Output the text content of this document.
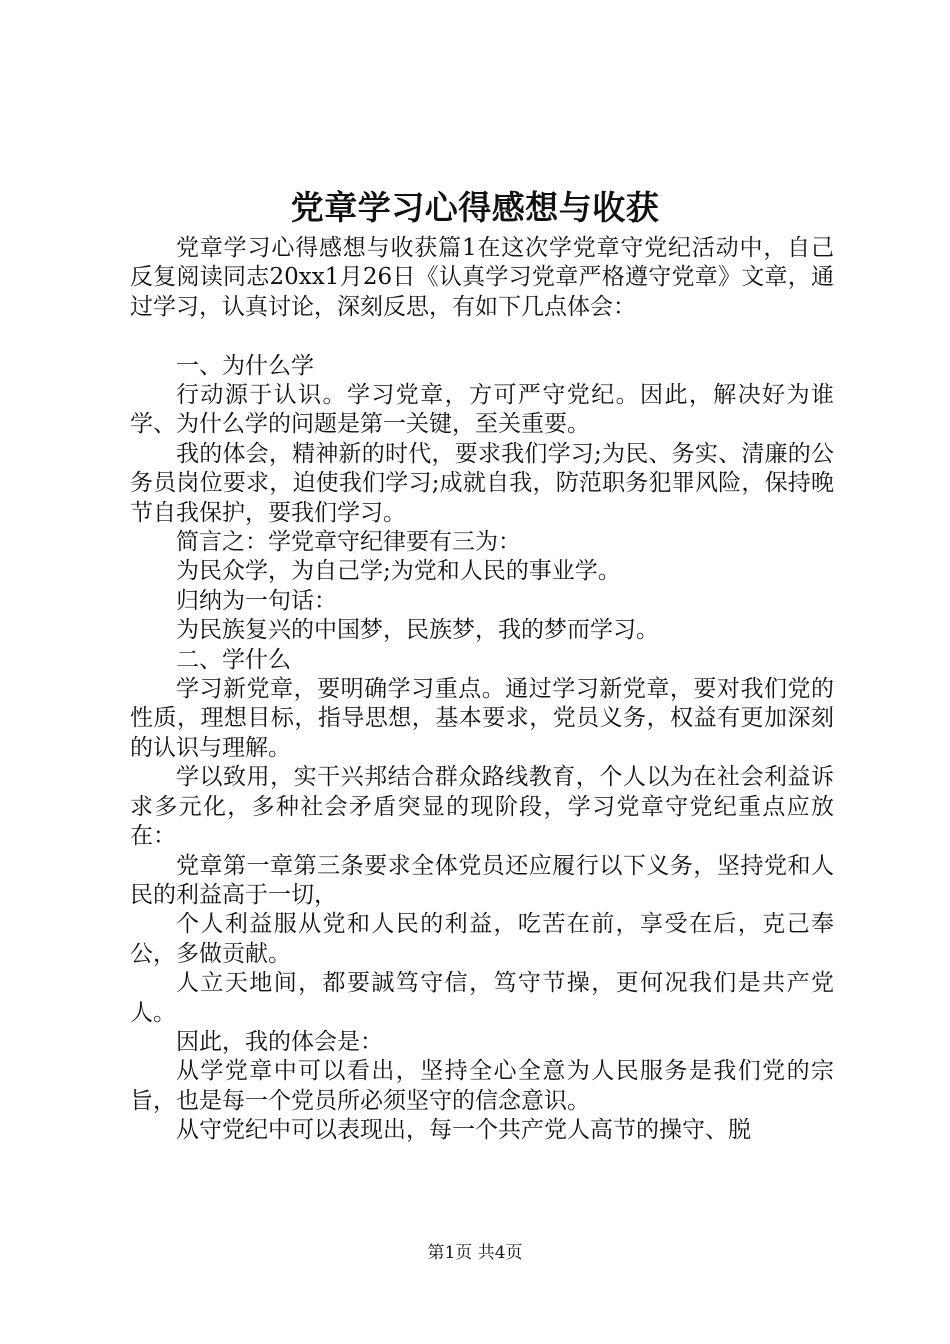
党章学习心得感想与收获

党章学习心得感想与收获篇1在这次学党章守党纪活动中，自己反复阅读同志20xx1月26日《认真学习党章严格遵守党章》文章，通过学习，认真讨论，深刻反思，有如下几点体会：

一、为什么学

行动源于认识。学习党章，方可严守党纪。因此，解决好为谁学、为什么学的问题是第一关键，至关重要。

我的体会，精神新的时代，要求我们学习;为民、务实、清廉的公务员岗位要求，迫使我们学习;成就自我，防范职务犯罪风险，保持晚节自我保护，要我们学习。

简言之：学党章守纪律要有三为：

为民众学，为自己学;为党和人民的事业学。

归纳为一句话：

为民族复兴的中国梦，民族梦，我的梦而学习。

二、学什么

学习新党章，要明确学习重点。通过学习新党章，要对我们党的性质，理想目标，指导思想，基本要求，党员义务，权益有更加深刻的认识与理解。

学以致用，实干兴邦结合群众路线教育，个人以为在社会利益诉求多元化，多种社会矛盾突显的现阶段，学习党章守党纪重点应放在：

党章第一章第三条要求全体党员还应履行以下义务，坚持党和人民的利益高于一切，

个人利益服从党和人民的利益，吃苦在前，享受在后，克己奉公，多做贡献。

人立天地间，都要誠笃守信，笃守节操，更何况我们是共产党人。

因此，我的体会是：

从学党章中可以看出，坚持全心全意为人民服务是我们党的宗旨，也是每一个党员所必须坚守的信念意识。

从守党纪中可以表现出，每一个共产党人高节的操守、脱

第1页 共4页
